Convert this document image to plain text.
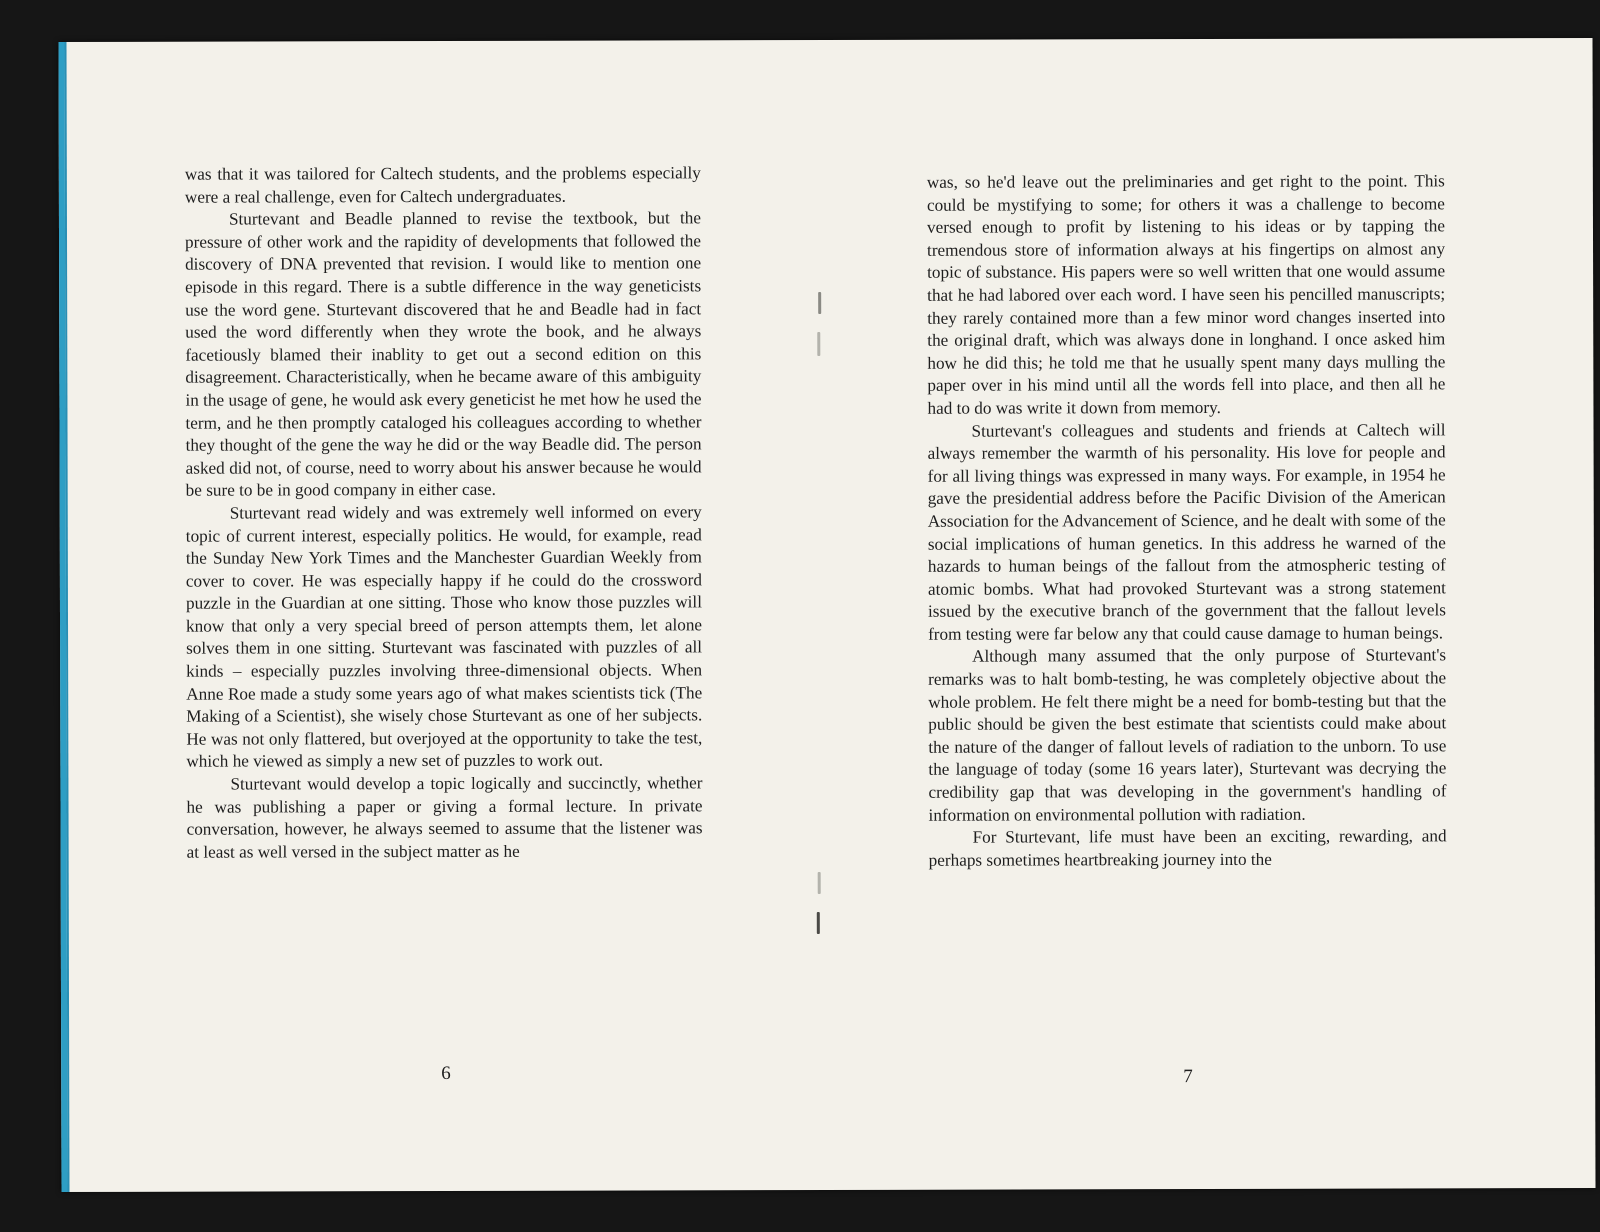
was that it was tailored for Caltech students, and the problems especially were a real challenge, even for Caltech undergraduates.

Sturtevant and Beadle planned to revise the textbook, but the pressure of other work and the rapidity of developments that followed the discovery of DNA prevented that revision. I would like to mention one episode in this regard. There is a subtle difference in the way geneticists use the word gene. Sturtevant discovered that he and Beadle had in fact used the word differently when they wrote the book, and he always facetiously blamed their inablity to get out a second edition on this disagreement. Characteristically, when he became aware of this ambiguity in the usage of gene, he would ask every geneticist he met how he used the term, and he then promptly cataloged his colleagues according to whether they thought of the gene the way he did or the way Beadle did. The person asked did not, of course, need to worry about his answer because he would be sure to be in good company in either case.

Sturtevant read widely and was extremely well informed on every topic of current interest, especially politics. He would, for example, read the Sunday New York Times and the Manchester Guardian Weekly from cover to cover. He was especially happy if he could do the crossword puzzle in the Guardian at one sitting. Those who know those puzzles will know that only a very special breed of person attempts them, let alone solves them in one sitting. Sturtevant was fascinated with puzzles of all kinds – especially puzzles involving three-dimensional objects. When Anne Roe made a study some years ago of what makes scientists tick (The Making of a Scientist), she wisely chose Sturtevant as one of her subjects. He was not only flattered, but overjoyed at the opportunity to take the test, which he viewed as simply a new set of puzzles to work out.

Sturtevant would develop a topic logically and succinctly, whether he was publishing a paper or giving a formal lecture. In private conversation, however, he always seemed to assume that the listener was at least as well versed in the subject matter as he

6

was, so he'd leave out the preliminaries and get right to the point. This could be mystifying to some; for others it was a challenge to become versed enough to profit by listening to his ideas or by tapping the tremendous store of information always at his fingertips on almost any topic of substance. His papers were so well written that one would assume that he had labored over each word. I have seen his pencilled manuscripts; they rarely contained more than a few minor word changes inserted into the original draft, which was always done in longhand. I once asked him how he did this; he told me that he usually spent many days mulling the paper over in his mind until all the words fell into place, and then all he had to do was write it down from memory.

Sturtevant's colleagues and students and friends at Caltech will always remember the warmth of his personality. His love for people and for all living things was expressed in many ways. For example, in 1954 he gave the presidential address before the Pacific Division of the American Association for the Advancement of Science, and he dealt with some of the social implications of human genetics. In this address he warned of the hazards to human beings of the fallout from the atmospheric testing of atomic bombs. What had provoked Sturtevant was a strong statement issued by the executive branch of the government that the fallout levels from testing were far below any that could cause damage to human beings.

Although many assumed that the only purpose of Sturtevant's remarks was to halt bomb-testing, he was completely objective about the whole problem. He felt there might be a need for bomb-testing but that the public should be given the best estimate that scientists could make about the nature of the danger of fallout levels of radiation to the unborn. To use the language of today (some 16 years later), Sturtevant was decrying the credibility gap that was developing in the government's handling of information on environmental pollution with radiation.

For Sturtevant, life must have been an exciting, rewarding, and perhaps sometimes heartbreaking journey into the

7
